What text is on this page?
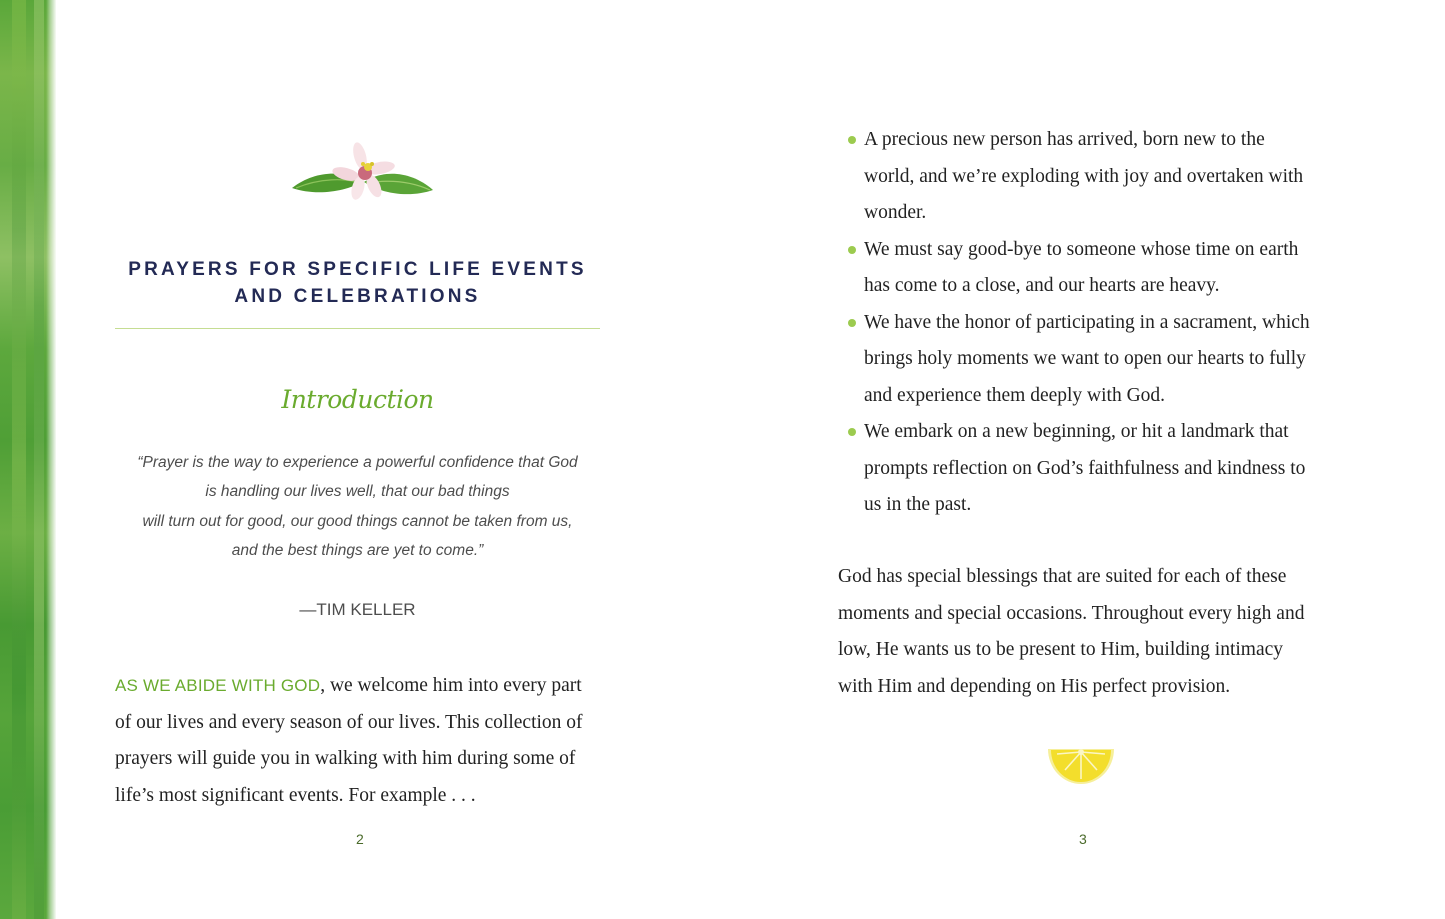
PRAYERS FOR SPECIFIC LIFE EVENTS
AND CELEBRATIONS
Introduction
“Prayer is the way to experience a powerful confidence that God
is handling our lives well, that our bad things
will turn out for good, our good things cannot be taken from us,
and the best things are yet to come.”
—TIM KELLER
AS WE ABIDE WITH GOD, we welcome him into every part
of our lives and every season of our lives. This collection of
prayers will guide you in walking with him during some of
life’s most significant events. For example . . .
2
A precious new person has arrived, born new to the
world, and we’re exploding with joy and overtaken with
wonder.
We must say good-bye to someone whose time on earth
has come to a close, and our hearts are heavy.
We have the honor of participating in a sacrament, which
brings holy moments we want to open our hearts to fully
and experience them deeply with God.
We embark on a new beginning, or hit a landmark that
prompts reflection on God’s faithfulness and kindness to
us in the past.
God has special blessings that are suited for each of these
moments and special occasions. Throughout every high and
low, He wants us to be present to Him, building intimacy
with Him and depending on His perfect provision.
3
